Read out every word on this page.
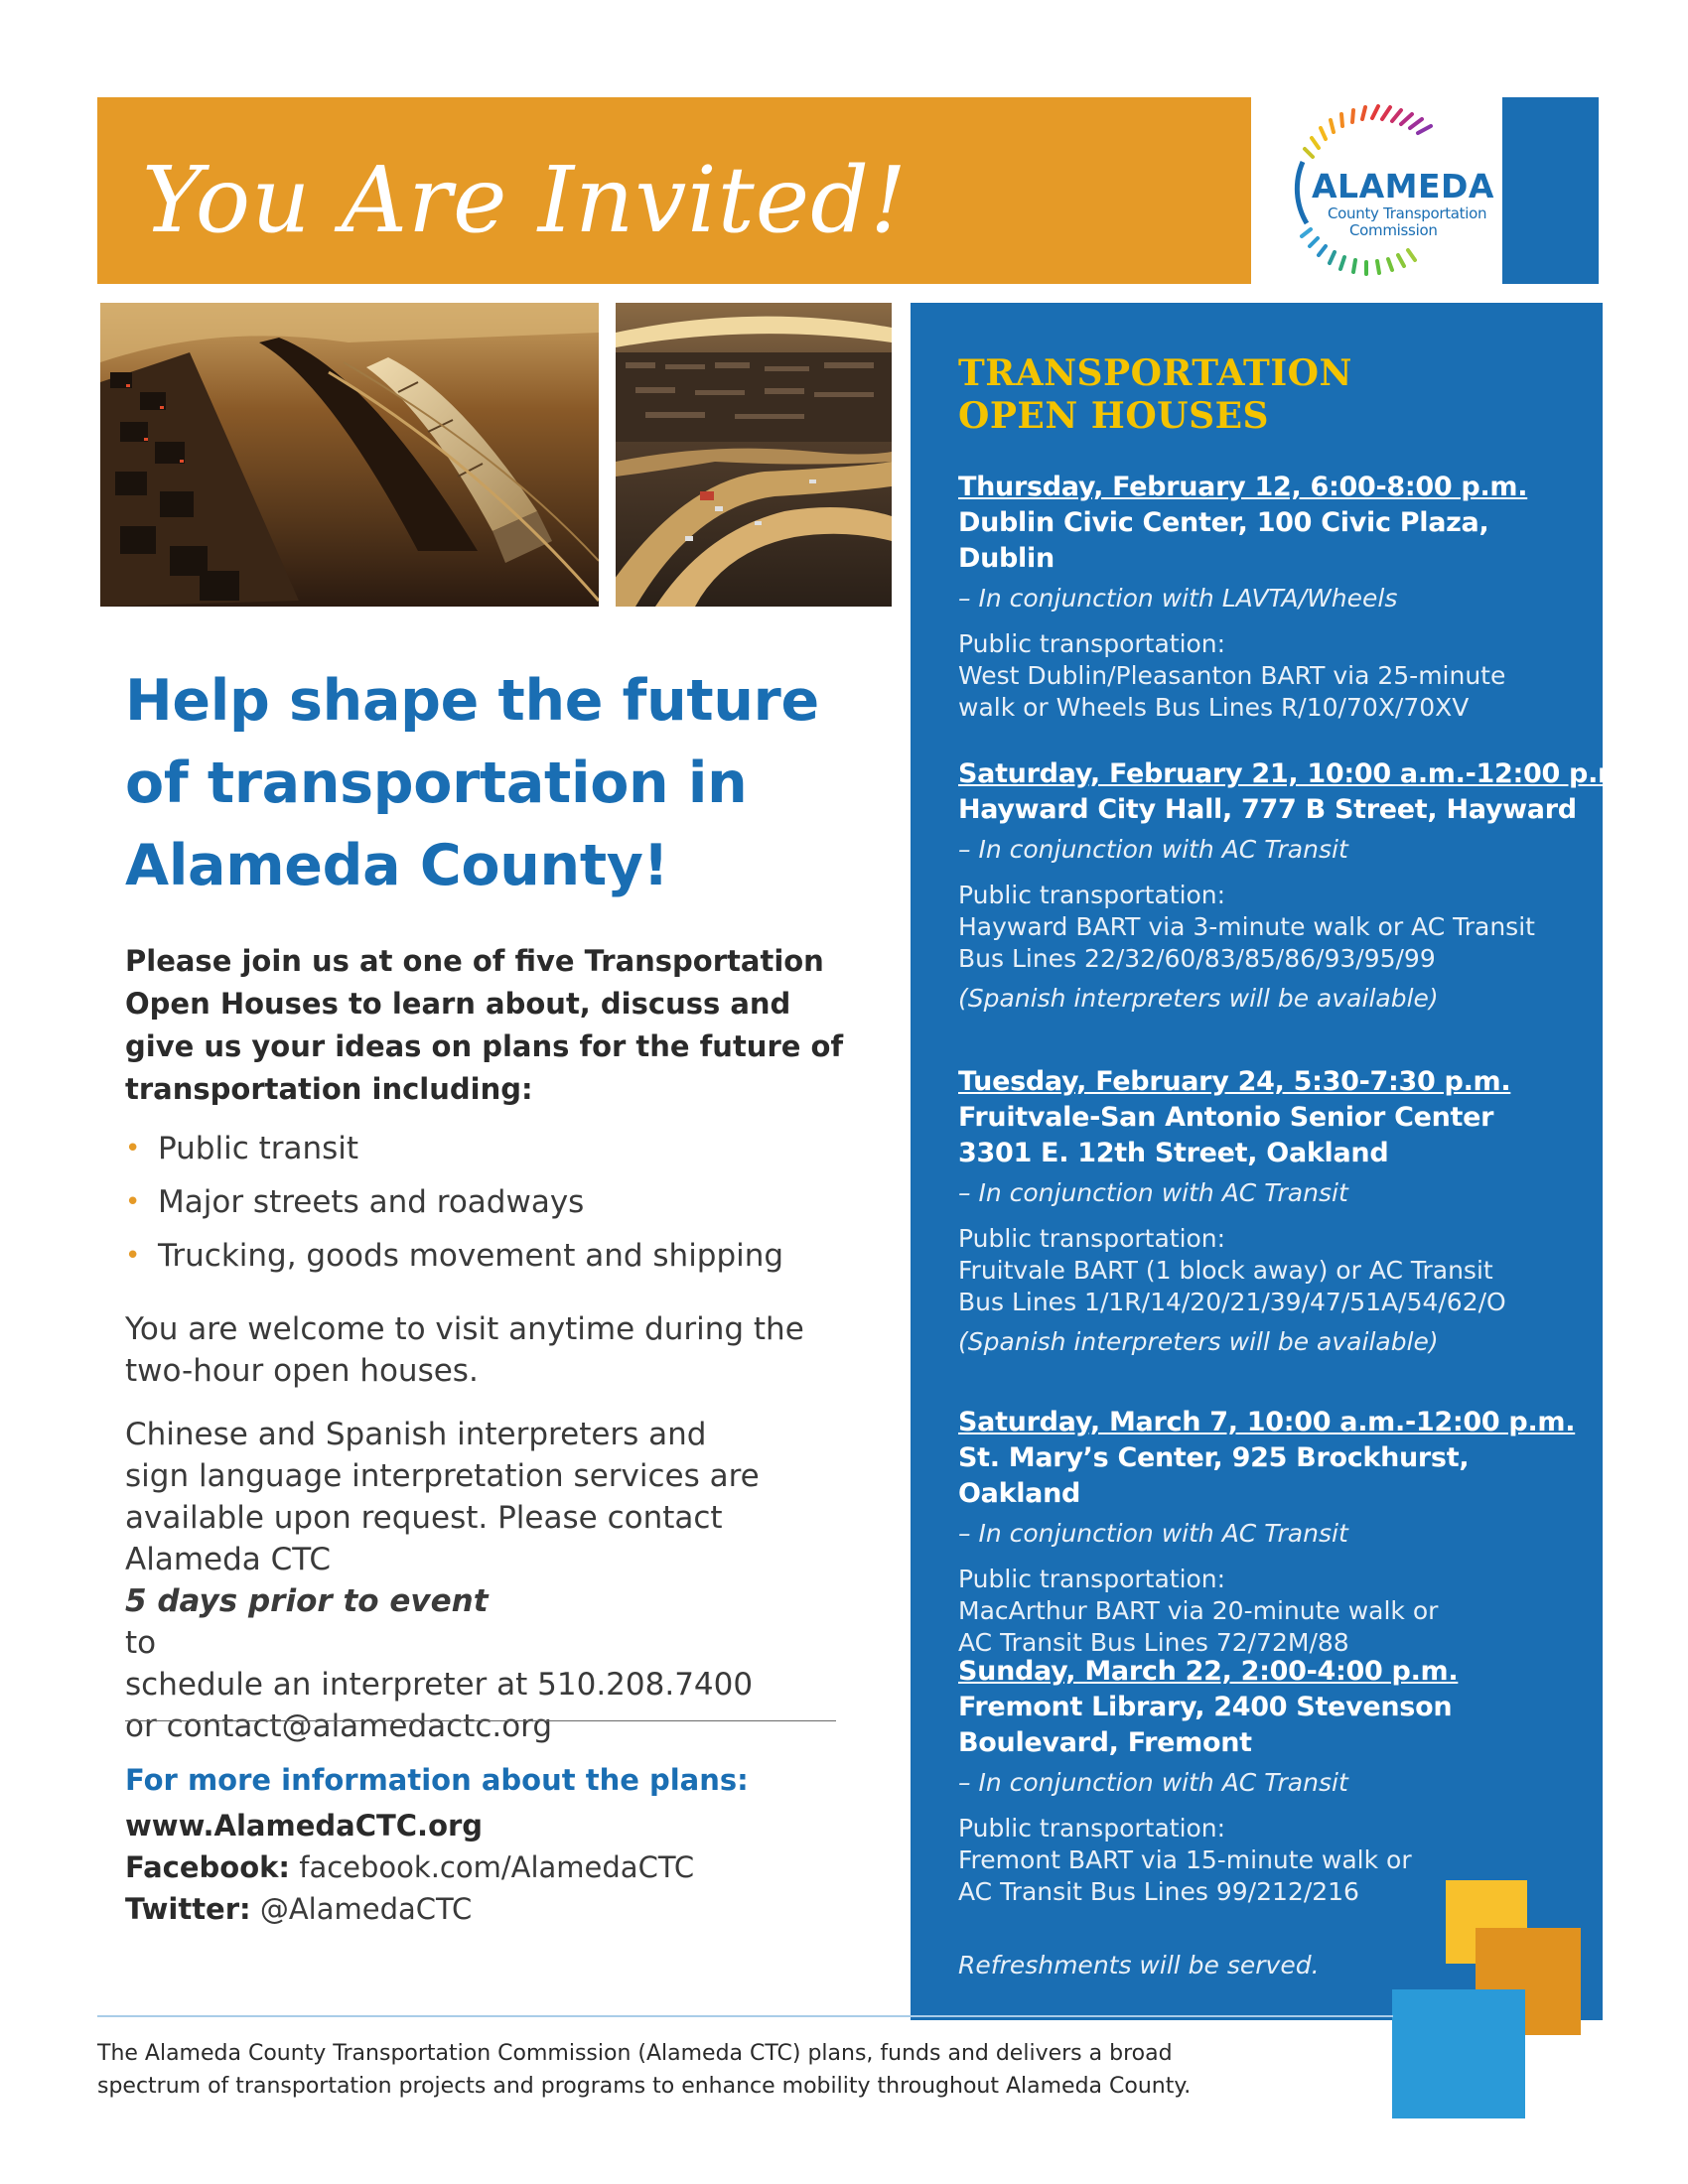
You Are Invited!	ALAMEDA
County Transportation
Commission
TRANSPORTATION
OPEN HOUSES
Thursday, February 12, 6:00-8:00 p.m.
Dublin Civic Center, 100 Civic Plaza,
Dublin
– In conjunction with LAVTA/Wheels
Public transportation:
West Dublin/Pleasanton BART via 25-minute
walk or Wheels Bus Lines R/10/70X/70XV
Saturday, February 21, 10:00 a.m.-12:00 p.m.
Hayward City Hall, 777 B Street, Hayward
– In conjunction with AC Transit
Public transportation:
Hayward BART via 3-minute walk or AC Transit
Bus Lines 22/32/60/83/85/86/93/95/99
(Spanish interpreters will be available)
Tuesday, February 24, 5:30-7:30 p.m.
Fruitvale-San Antonio Senior Center
3301 E. 12th Street, Oakland
– In conjunction with AC Transit
Public transportation:
Fruitvale BART (1 block away) or AC Transit
Bus Lines 1/1R/14/20/21/39/47/51A/54/62/O
(Spanish interpreters will be available)
Saturday, March 7, 10:00 a.m.-12:00 p.m.
St. Mary’s Center, 925 Brockhurst, Oakland
– In conjunction with AC Transit
Public transportation:
MacArthur BART via 20-minute walk or
AC Transit Bus Lines 72/72M/88
Sunday, March 22, 2:00-4:00 p.m.
Fremont Library, 2400 Stevenson
Boulevard, Fremont
– In conjunction with AC Transit
Public transportation:
Fremont BART via 15-minute walk or
AC Transit Bus Lines 99/212/216
Refreshments will be served.
Help shape the future
of transportation in
Alameda County!
Please join us at one of five Transportation
Open Houses to learn about, discuss and
give us your ideas on plans for the future of
transportation including:
• Public transit
• Major streets and roadways
• Trucking, goods movement and shipping
You are welcome to visit anytime during the
two-hour open houses.
Chinese and Spanish interpreters and
sign language interpretation services are
available upon request. Please contact
Alameda CTC
5 days prior to event
to
schedule an interpreter at 510.208.7400
or contact@alamedactc.org
For more information about the plans:
www.AlamedaCTC.org
Facebook: facebook.com/AlamedaCTC
Twitter: @AlamedaCTC
The Alameda County Transportation Commission (Alameda CTC) plans, funds and delivers a broad
spectrum of transportation projects and programs to enhance mobility throughout Alameda County.
